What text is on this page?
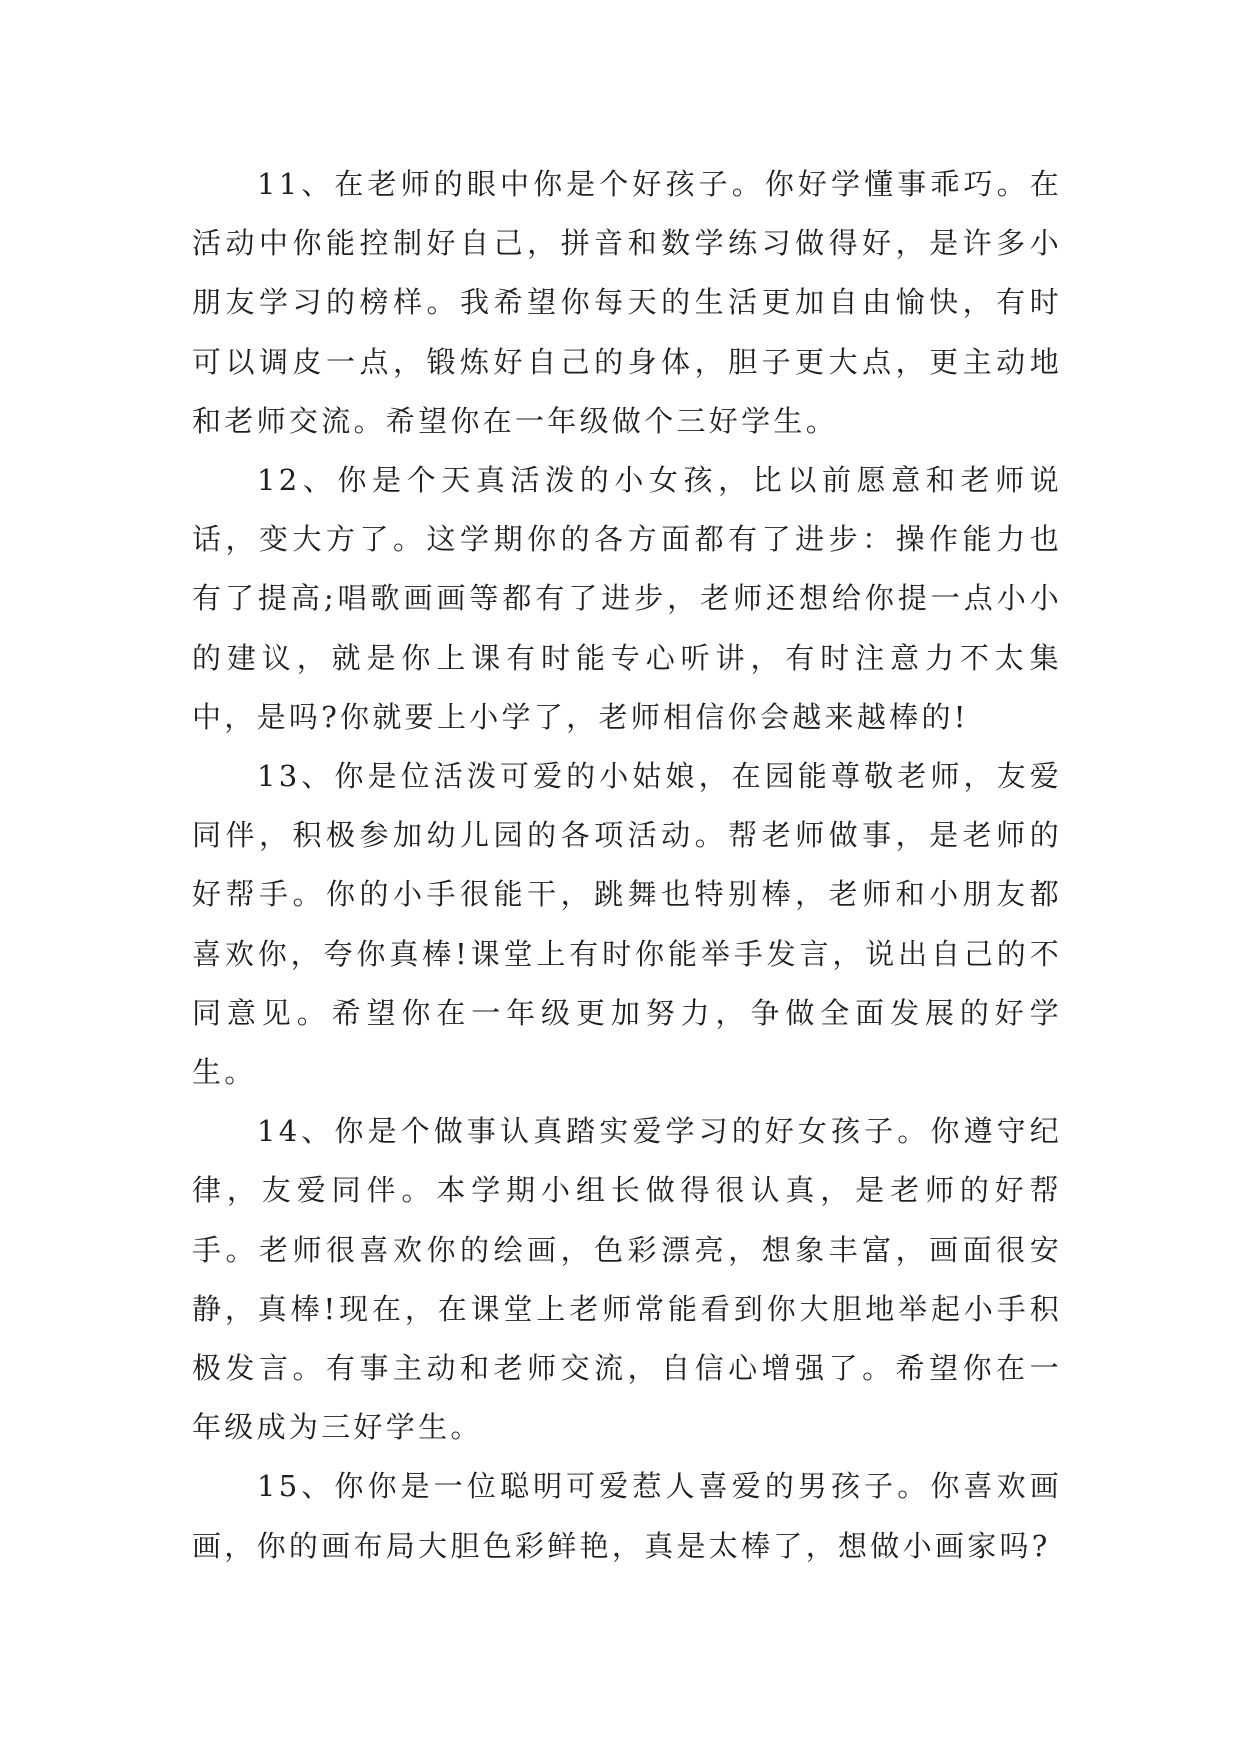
11、在老师的眼中你是个好孩子。你好学懂事乖巧。在活动中你能控制好自己，拼音和数学练习做得好，是许多小朋友学习的榜样。我希望你每天的生活更加自由愉快，有时可以调皮一点，锻炼好自己的身体，胆子更大点，更主动地和老师交流。希望你在一年级做个三好学生。

12、你是个天真活泼的小女孩，比以前愿意和老师说话，变大方了。这学期你的各方面都有了进步：操作能力也有了提高;唱歌画画等都有了进步，老师还想给你提一点小小的建议，就是你上课有时能专心听讲，有时注意力不太集中，是吗?你就要上小学了，老师相信你会越来越棒的!

13、你是位活泼可爱的小姑娘，在园能尊敬老师，友爱同伴，积极参加幼儿园的各项活动。帮老师做事，是老师的好帮手。你的小手很能干，跳舞也特别棒，老师和小朋友都喜欢你，夸你真棒!课堂上有时你能举手发言，说出自己的不同意见。希望你在一年级更加努力，争做全面发展的好学生。

14、你是个做事认真踏实爱学习的好女孩子。你遵守纪律，友爱同伴。本学期小组长做得很认真，是老师的好帮手。老师很喜欢你的绘画，色彩漂亮，想象丰富，画面很安静，真棒!现在，在课堂上老师常能看到你大胆地举起小手积极发言。有事主动和老师交流，自信心增强了。希望你在一年级成为三好学生。

15、你你是一位聪明可爱惹人喜爱的男孩子。你喜欢画画，你的画布局大胆色彩鲜艳，真是太棒了，想做小画家吗?
